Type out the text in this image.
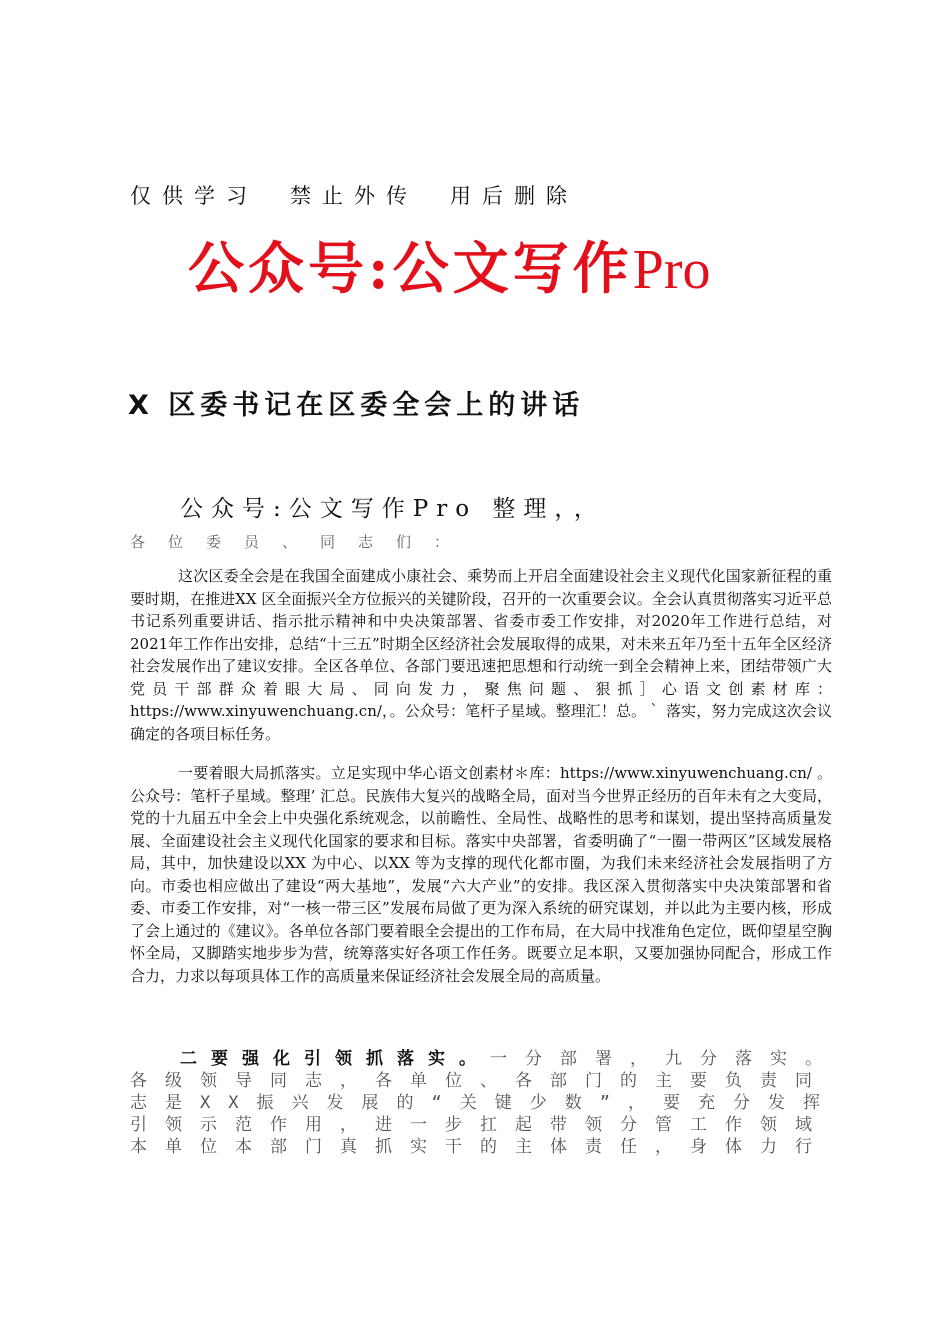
仅供学习　禁止外传　用后删除
公众号:公文写作Pro
X 区委书记在区委全会上的讲话
公众号:公文写作Pro 整理，，
各位委员、同志们：

这次区委全会是在我国全面建成小康社会、乘势而上开启全面建设社会主义现代化国家新征程的重要时期，在推进XX 区全面振兴全方位振兴的关键阶段，召开的一次重要会议。全会认真贯彻落实习近平总书记系列重要讲话、指示批示精神和中央决策部署、省委市委工作安排，对2020年工作进行总结，对2021年工作作出安排，总结“十三五”时期全区经济社会发展取得的成果，对未来五年乃至十五年全区经济社会发展作出了建议安排。全区各单位、各部门要迅速把思想和行动统一到全会精神上来，团结带领广大党员干部群众着眼大局、同向发力，聚焦问题、狠抓］心语文创素材库：https://www.xinyuwenchuang.cn/，。公众号：笔杆子星域。整理汇！总。｀ 落实，努力完成这次会议确定的各项目标任务。

一要着眼大局抓落实。立足实现中华心语文创素材＊库：https://www.xinyuwenchuang.cn/ 。公众号：笔杆子星域。整理’ 汇总。民族伟大复兴的战略全局，面对当今世界正经历的百年未有之大变局，党的十九届五中全会上中央强化系统观念，以前瞻性、全局性、战略性的思考和谋划，提出坚持高质量发展、全面建设社会主义现代化国家的要求和目标。落实中央部署，省委明确了“一圈一带两区”区域发展格局，其中，加快建设以XX 为中心、以XX 等为支撑的现代化都市圈，为我们未来经济社会发展指明了方向。市委也相应做出了建设“两大基地”，发展“六大产业”的安排。我区深入贯彻落实中央决策部署和省委、市委工作安排，对“一核一带三区”发展布局做了更为深入系统的研究谋划，并以此为主要内核，形成了会上通过的《建议》。各单位各部门要着眼全会提出的工作布局，在大局中找准角色定位，既仰望星空胸怀全局，又脚踏实地步步为营，统筹落实好各项工作任务。既要立足本职，又要加强协同配合，形成工作合力，力求以每项具体工作的高质量来保证经济社会发展全局的高质量。

二要强化引领抓落实。一分部署，九分落实。各级领导同志，各单位、各部门的主要负责同志是XX振兴发展的“关键少数”，要充分发挥引领示范作用，进一步扛起带领分管工作领域本单位本部门真抓实干的主体责任，身体力行
